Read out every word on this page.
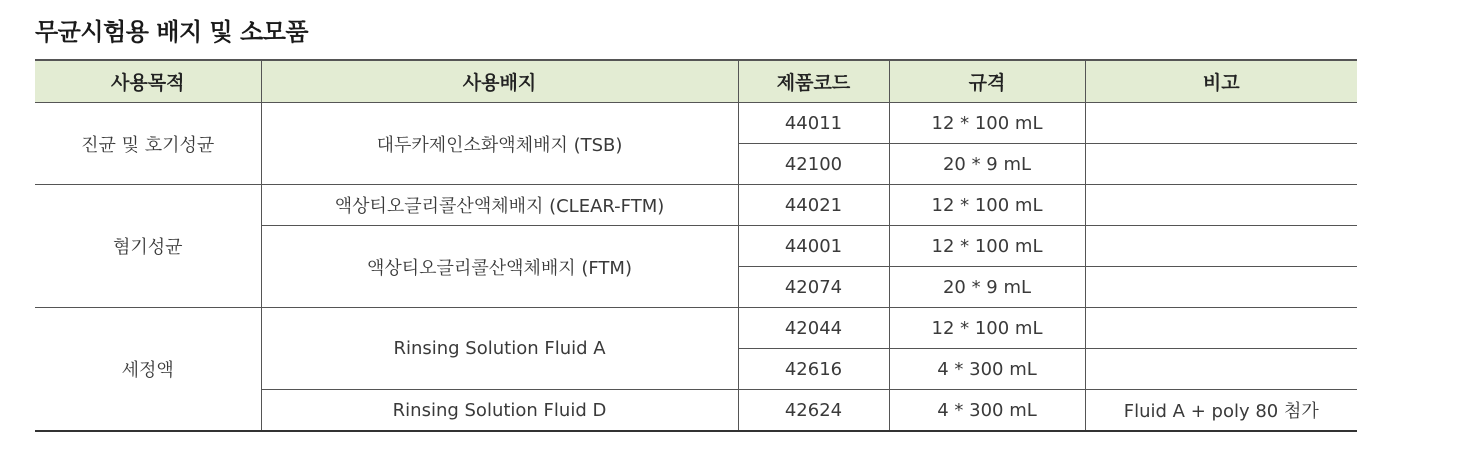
무균시험용 배지 및 소모품
사용목적	사용배지	제품코드	규격	비고
진균 및 호기성균	대두카제인소화액체배지 (TSB)	44011	12 * 100 mL	
		42100	20 * 9 mL	
혐기성균	액상티오글리콜산액체배지 (CLEAR-FTM)	44021	12 * 100 mL	
	액상티오글리콜산액체배지 (FTM)	44001	12 * 100 mL	
		42074	20 * 9 mL	
세정액	Rinsing Solution Fluid A	42044	12 * 100 mL	
		42616	4 * 300 mL	
	Rinsing Solution Fluid D	42624	4 * 300 mL	Fluid A + poly 80 첨가
